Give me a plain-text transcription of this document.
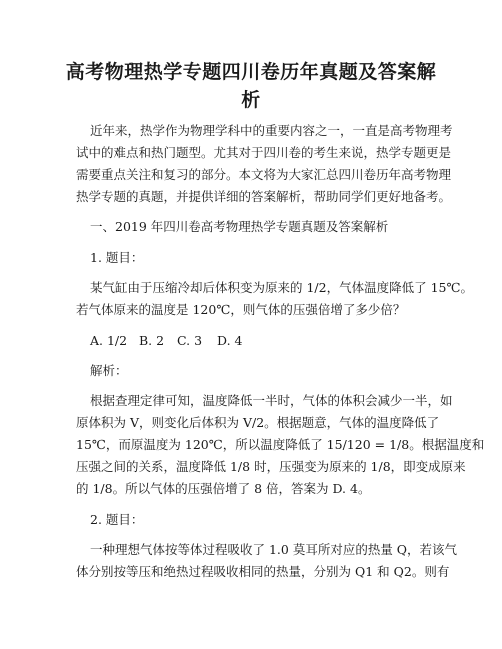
高考物理热学专题四川卷历年真题及答案解
析
近年来，热学作为物理学科中的重要内容之一，一直是高考物理考
试中的难点和热门题型。尤其对于四川卷的考生来说，热学专题更是
需要重点关注和复习的部分。本文将为大家汇总四川卷历年高考物理
热学专题的真题，并提供详细的答案解析，帮助同学们更好地备考。
一、2019 年四川卷高考物理热学专题真题及答案解析
1. 题目：
某气缸由于压缩冷却后体积变为原来的 1/2，气体温度降低了 15℃。
若气体原来的温度是 120℃，则气体的压强倍增了多少倍？
A. 1/2 B. 2 C. 3 D. 4
解析：
根据查理定律可知，温度降低一半时，气体的体积会减少一半，如
原体积为 V，则变化后体积为 V/2。根据题意，气体的温度降低了
15℃，而原温度为 120℃，所以温度降低了 15/120 = 1/8。根据温度和
压强之间的关系，温度降低 1/8 时，压强变为原来的 1/8，即变成原来
的 1/8。所以气体的压强倍增了 8 倍，答案为 D. 4。
2. 题目：
一种理想气体按等体过程吸收了 1.0 莫耳所对应的热量 Q，若该气
体分别按等压和绝热过程吸收相同的热量，分别为 Q1 和 Q2。则有
